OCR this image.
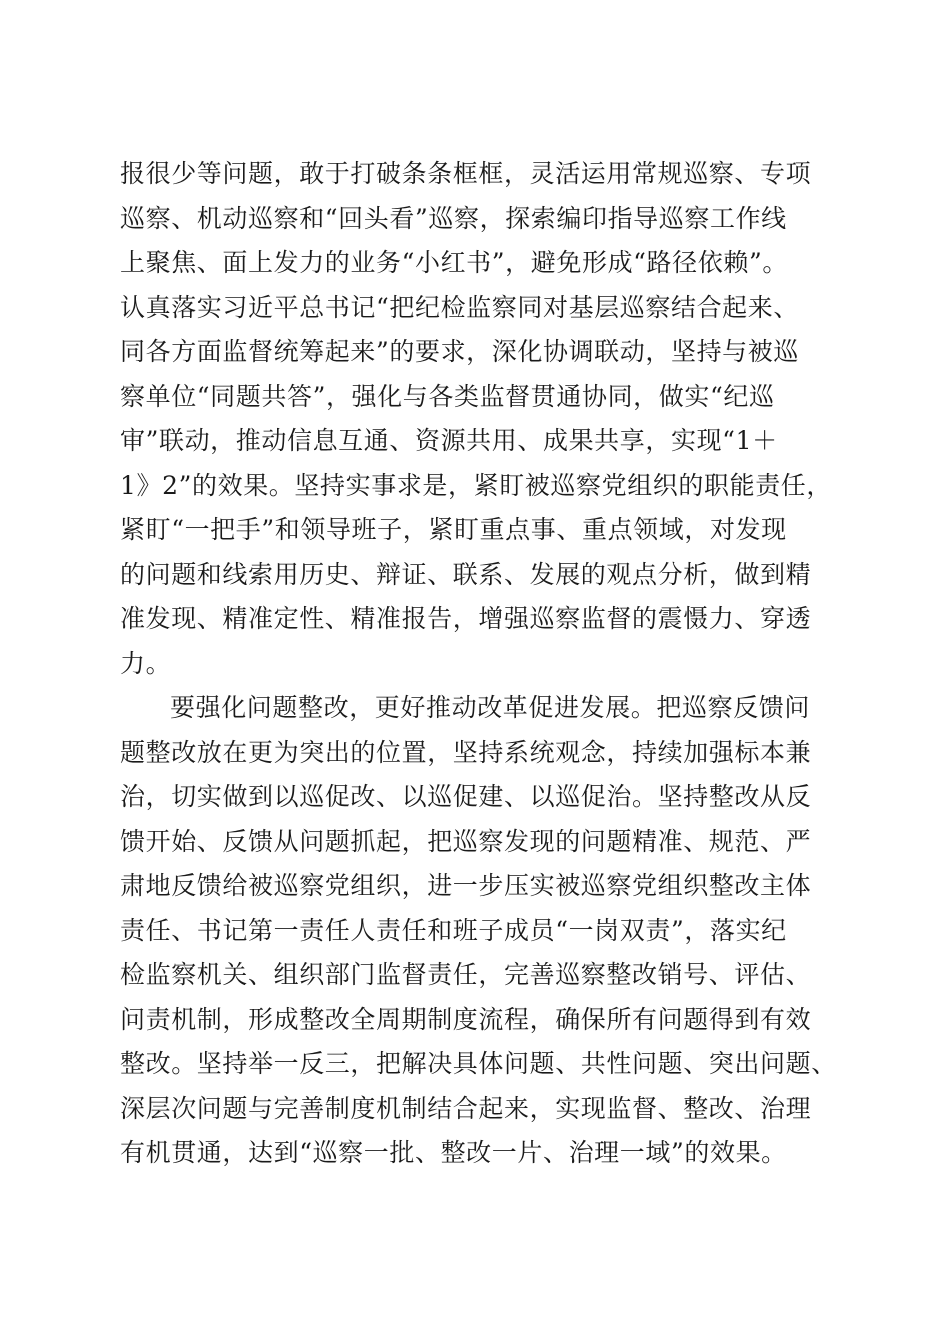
报很少等问题，敢于打破条条框框，灵活运用常规巡察、专项
巡察、机动巡察和“回头看”巡察，探索编印指导巡察工作线
上聚焦、面上发力的业务“小红书”，避免形成“路径依赖”。
认真落实习近平总书记“把纪检监察同对基层巡察结合起来、
同各方面监督统筹起来”的要求，深化协调联动，坚持与被巡
察单位“同题共答”，强化与各类监督贯通协同，做实“纪巡
审”联动，推动信息互通、资源共用、成果共享，实现“1＋
1》2”的效果。坚持实事求是，紧盯被巡察党组织的职能责任，
紧盯“一把手”和领导班子，紧盯重点事、重点领域，对发现
的问题和线索用历史、辩证、联系、发展的观点分析，做到精
准发现、精准定性、精准报告，增强巡察监督的震慑力、穿透
力。
要强化问题整改，更好推动改革促进发展。把巡察反馈问
题整改放在更为突出的位置，坚持系统观念，持续加强标本兼
治，切实做到以巡促改、以巡促建、以巡促治。坚持整改从反
馈开始、反馈从问题抓起，把巡察发现的问题精准、规范、严
肃地反馈给被巡察党组织，进一步压实被巡察党组织整改主体
责任、书记第一责任人责任和班子成员“一岗双责”，落实纪
检监察机关、组织部门监督责任，完善巡察整改销号、评估、
问责机制，形成整改全周期制度流程，确保所有问题得到有效
整改。坚持举一反三，把解决具体问题、共性问题、突出问题、
深层次问题与完善制度机制结合起来，实现监督、整改、治理
有机贯通，达到“巡察一批、整改一片、治理一域”的效果。
